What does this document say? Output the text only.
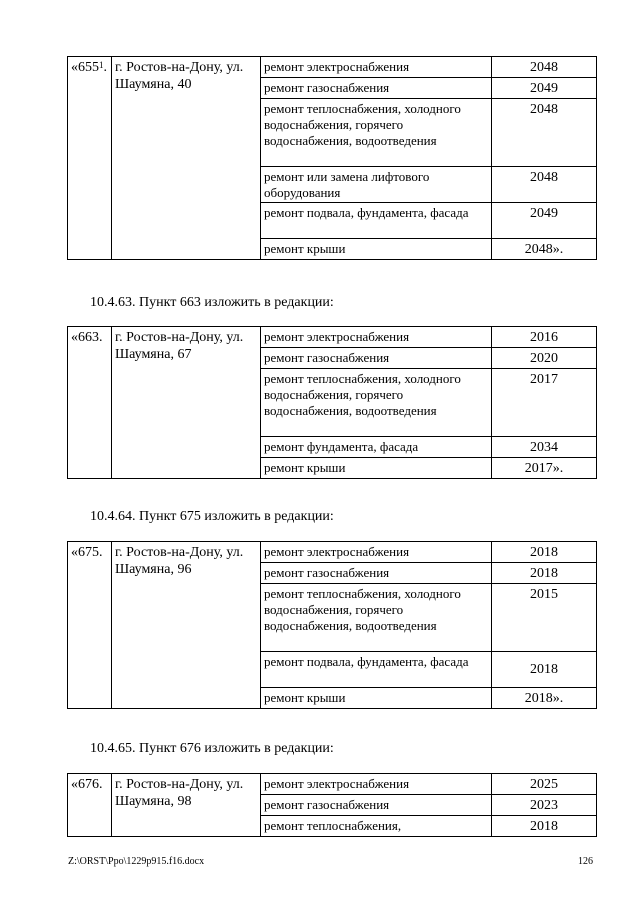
«$655^1$.	г. Ростов-на-Дону, ул. Шаумяна, 40	ремонт электроснабжения	2048
		ремонт газоснабжения	2049
		ремонт теплоснабжения, холодного водоснабжения, горячего водоснабжения, водоотведения	2048
		ремонт или замена лифтового оборудования	2048
		ремонт подвала, фундамента, фасада	2049
		ремонт крыши	2048».
10.4.63. Пункт 663 изложить в редакции:
«663.	г. Ростов-на-Дону, ул. Шаумяна, 67	ремонт электроснабжения	2016
		ремонт газоснабжения	2020
		ремонт теплоснабжения, холодного водоснабжения, горячего водоснабжения, водоотведения	2017
		ремонт фундамента, фасада	2034
		ремонт крыши	2017».
10.4.64. Пункт 675 изложить в редакции:
«675.	г. Ростов-на-Дону, ул. Шаумяна, 96	ремонт электроснабжения	2018
		ремонт газоснабжения	2018
		ремонт теплоснабжения, холодного водоснабжения, горячего водоснабжения, водоотведения	2015
		ремонт подвала, фундамента, фасада	2018
		ремонт крыши	2018».
10.4.65. Пункт 676 изложить в редакции:
«676.	г. Ростов-на-Дону, ул. Шаумяна, 98	ремонт электроснабжения	2025
		ремонт газоснабжения	2023
		ремонт теплоснабжения,	2018
Z:\ORST\Ppo\1229p915.f16.docx	126
